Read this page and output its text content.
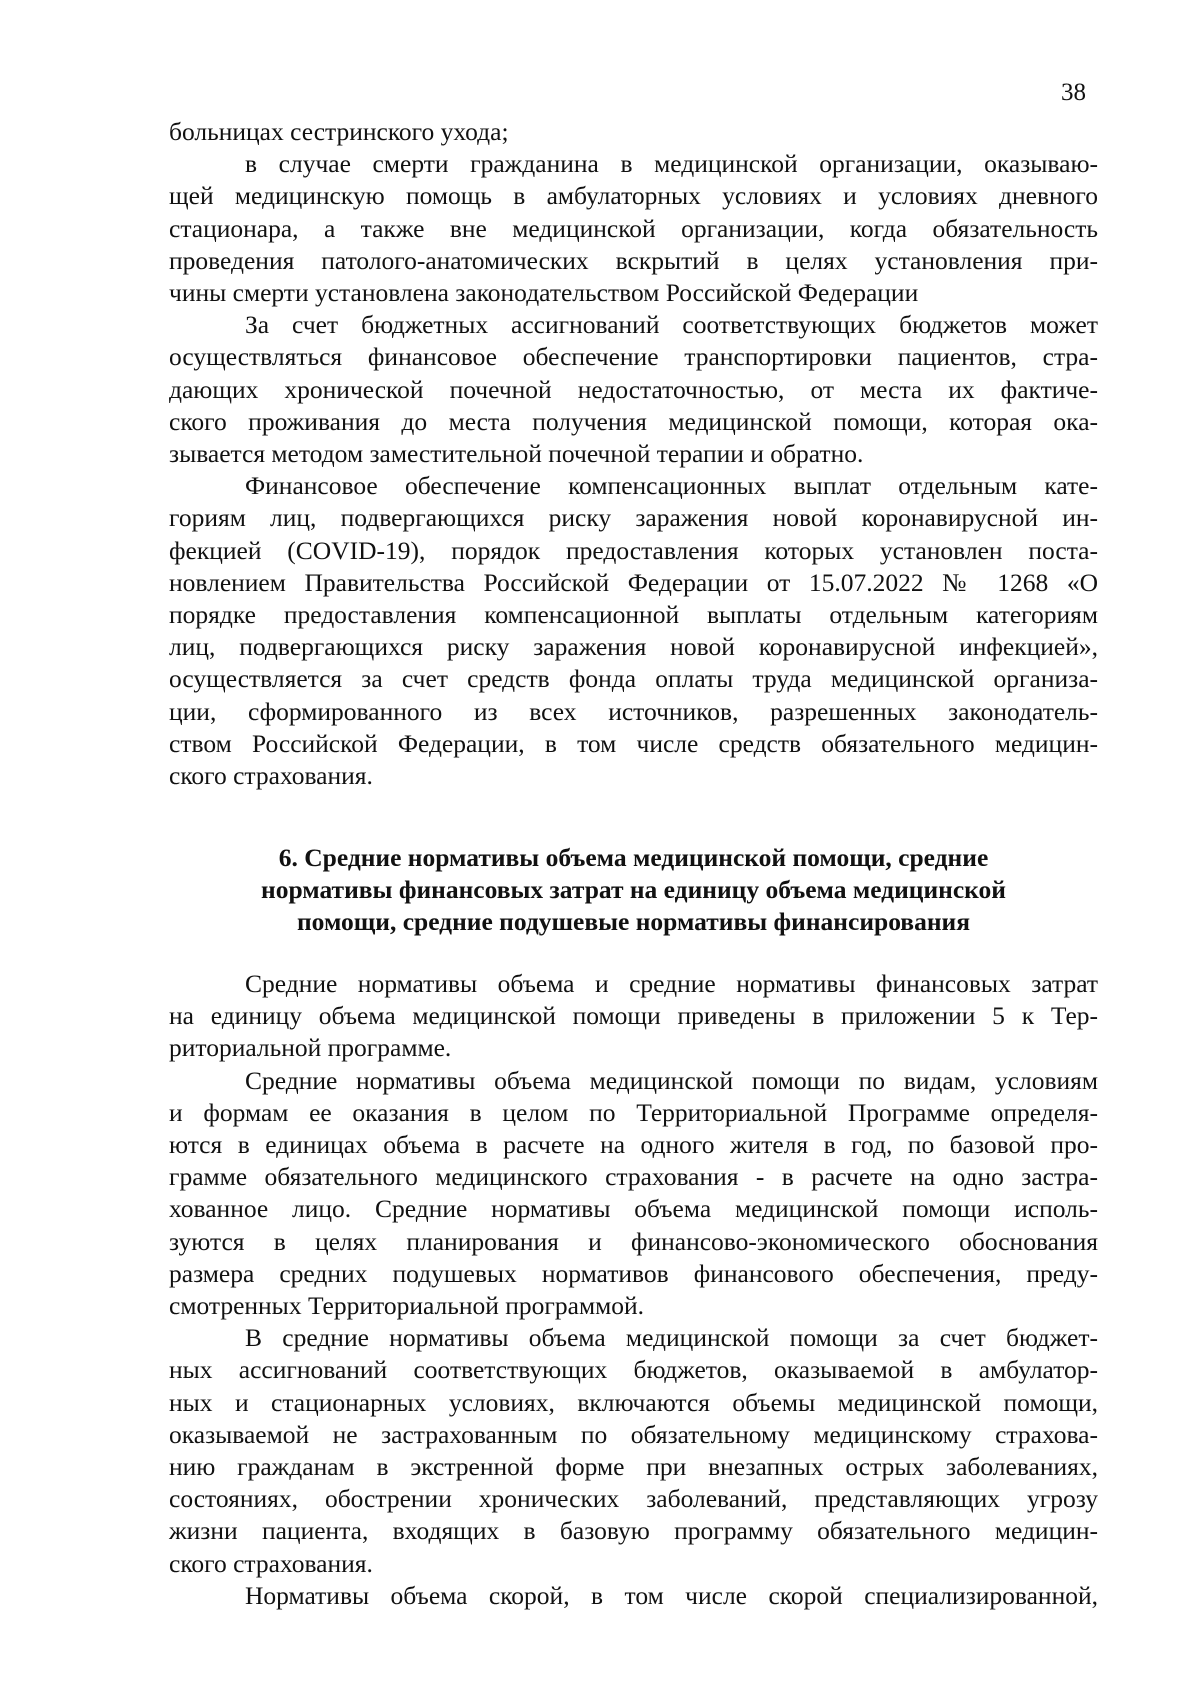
38
больницах сестринского ухода;
в случае смерти гражданина в медицинской организации, оказываю-
щей медицинскую помощь в амбулаторных условиях и условиях дневного
стационара, а также вне медицинской организации, когда обязательность
проведения патолого-анатомических вскрытий в целях установления при-
чины смерти установлена законодательством Российской Федерации
За счет бюджетных ассигнований соответствующих бюджетов может
осуществляться финансовое обеспечение транспортировки пациентов, стра-
дающих хронической почечной недостаточностью, от места их фактиче-
ского проживания до места получения медицинской помощи, которая ока-
зывается методом заместительной почечной терапии и обратно.
Финансовое обеспечение компенсационных выплат отдельным кате-
гориям лиц, подвергающихся риску заражения новой коронавирусной ин-
фекцией (COVID-19), порядок предоставления которых установлен поста-
новлением Правительства Российской Федерации от 15.07.2022 № 1268 «О
порядке предоставления компенсационной выплаты отдельным категориям
лиц, подвергающихся риску заражения новой коронавирусной инфекцией»,
осуществляется за счет средств фонда оплаты труда медицинской организа-
ции, сформированного из всех источников, разрешенных законодатель-
ством Российской Федерации, в том числе средств обязательного медицин-
ского страхования.
6. Средние нормативы объема медицинской помощи, средние
нормативы финансовых затрат на единицу объема медицинской
помощи, средние подушевые нормативы финансирования
Средние нормативы объема и средние нормативы финансовых затрат
на единицу объема медицинской помощи приведены в приложении 5 к Тер-
риториальной программе.
Средние нормативы объема медицинской помощи по видам, условиям
и формам ее оказания в целом по Территориальной Программе определя-
ются в единицах объема в расчете на одного жителя в год, по базовой про-
грамме обязательного медицинского страхования - в расчете на одно застра-
хованное лицо. Средние нормативы объема медицинской помощи исполь-
зуются в целях планирования и финансово-экономического обоснования
размера средних подушевых нормативов финансового обеспечения, преду-
смотренных Территориальной программой.
В средние нормативы объема медицинской помощи за счет бюджет-
ных ассигнований соответствующих бюджетов, оказываемой в амбулатор-
ных и стационарных условиях, включаются объемы медицинской помощи,
оказываемой не застрахованным по обязательному медицинскому страхова-
нию гражданам в экстренной форме при внезапных острых заболеваниях,
состояниях, обострении хронических заболеваний, представляющих угрозу
жизни пациента, входящих в базовую программу обязательного медицин-
ского страхования.
Нормативы объема скорой, в том числе скорой специализированной,
